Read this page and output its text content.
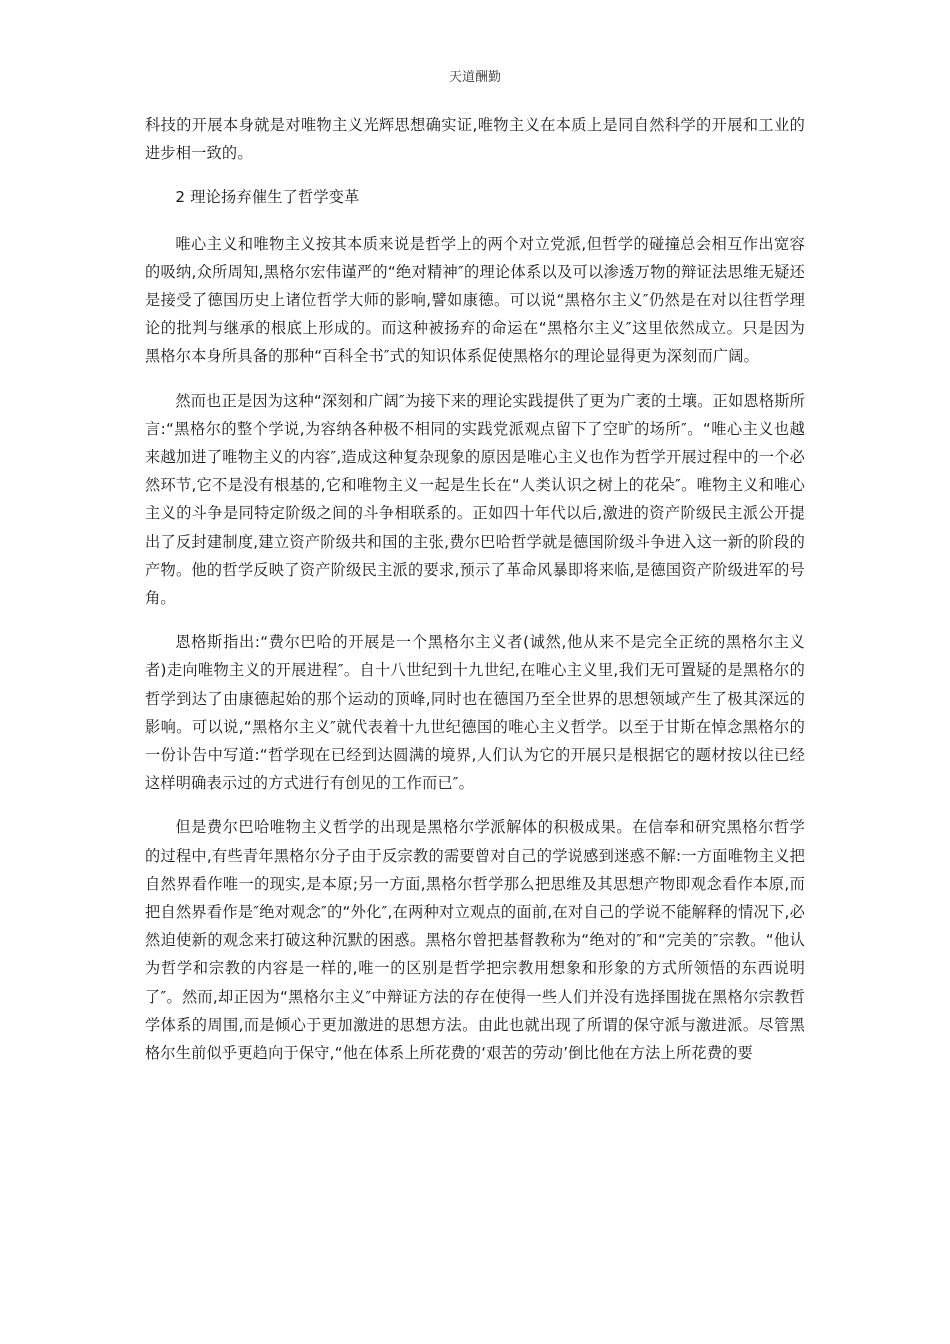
天道酬勤

科技的开展本身就是对唯物主义光辉思想确实证,唯物主义在本质上是同自然科学的开展和工业的进步相一致的。

2 理论扬弃催生了哲学变革

唯心主义和唯物主义按其本质来说是哲学上的两个对立党派,但哲学的碰撞总会相互作出宽容的吸纳,众所周知,黑格尔宏伟谨严的“绝对精神″的理论体系以及可以渗透万物的辩证法思维无疑还是接受了德国历史上诸位哲学大师的影响,譬如康德。可以说“黑格尔主义″仍然是在对以往哲学理论的批判与继承的根底上形成的。而这种被扬弃的命运在“黑格尔主义″这里依然成立。只是因为黑格尔本身所具备的那种“百科全书″式的知识体系促使黑格尔的理论显得更为深刻而广阔。

然而也正是因为这种“深刻和广阔″为接下来的理论实践提供了更为广袤的土壤。正如恩格斯所言:“黑格尔的整个学说,为容纳各种极不相同的实践党派观点留下了空旷的场所″。“唯心主义也越来越加进了唯物主义的内容″,造成这种复杂现象的原因是唯心主义也作为哲学开展过程中的一个必然环节,它不是没有根基的,它和唯物主义一起是生长在“人类认识之树上的花朵″。唯物主义和唯心主义的斗争是同特定阶级之间的斗争相联系的。正如四十年代以后,激进的资产阶级民主派公开提出了反封建制度,建立资产阶级共和国的主张,费尔巴哈哲学就是德国阶级斗争进入这一新的阶段的产物。他的哲学反映了资产阶级民主派的要求,预示了革命风暴即将来临,是德国资产阶级进军的号角。

恩格斯指出:“费尔巴哈的开展是一个黑格尔主义者(诚然,他从来不是完全正统的黑格尔主义者)走向唯物主义的开展进程″。自十八世纪到十九世纪,在唯心主义里,我们无可置疑的是黑格尔的哲学到达了由康德起始的那个运动的顶峰,同时也在德国乃至全世界的思想领域产生了极其深远的影响。可以说,“黑格尔主义″就代表着十九世纪德国的唯心主义哲学。以至于甘斯在悼念黑格尔的一份讣告中写道:“哲学现在已经到达圆满的境界,人们认为它的开展只是根据它的题材按以往已经这样明确表示过的方式进行有创见的工作而已″。

但是费尔巴哈唯物主义哲学的出现是黑格尔学派解体的积极成果。在信奉和研究黑格尔哲学的过程中,有些青年黑格尔分子由于反宗教的需要曾对自己的学说感到迷惑不解:一方面唯物主义把自然界看作唯一的现实,是本原;另一方面,黑格尔哲学那么把思维及其思想产物即观念看作本原,而把自然界看作是″绝对观念″的“外化″,在两种对立观点的面前,在对自己的学说不能解释的情况下,必然迫使新的观念来打破这种沉默的困惑。黑格尔曾把基督教称为“绝对的″和“完美的″宗教。“他认为哲学和宗教的内容是一样的,唯一的区别是哲学把宗教用想象和形象的方式所领悟的东西说明了″。然而,却正因为“黑格尔主义″中辩证方法的存在使得一些人们并没有选择围拢在黑格尔宗教哲学体系的周围,而是倾心于更加激进的思想方法。由此也就出现了所谓的保守派与激进派。尽管黑格尔生前似乎更趋向于保守,“他在体系上所花费的‘艰苦的劳动’倒比他在方法上所花费的要
